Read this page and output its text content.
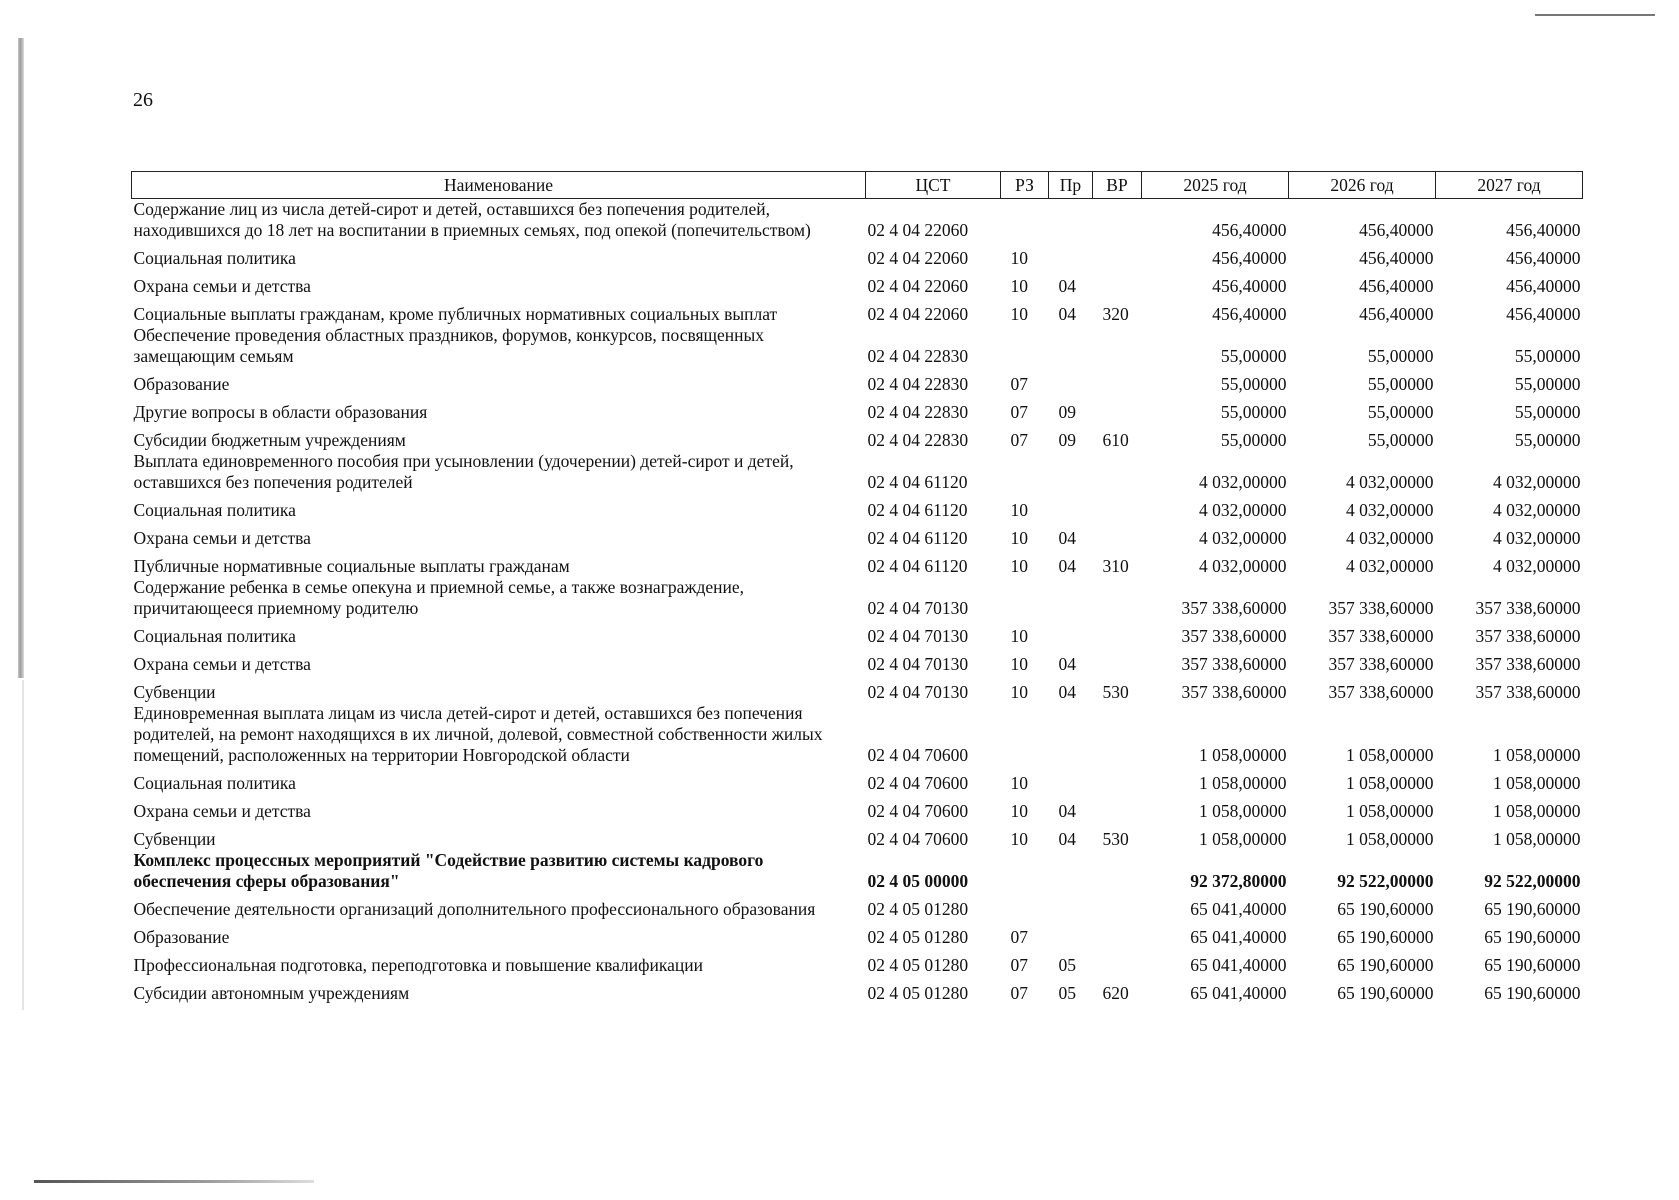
26
Наименование	ЦСТ	РЗ	Пр	ВР	2025 год	2026 год	2027 год
Содержание лиц из числа детей-сирот и детей, оставшихся без попечения родителей, находившихся до 18 лет на воспитании в приемных семьях, под опекой (попечительством)	02 4 04 22060				456,40000	456,40000	456,40000
Социальная политика	02 4 04 22060	10			456,40000	456,40000	456,40000
Охрана семьи и детства	02 4 04 22060	10	04		456,40000	456,40000	456,40000
Социальные выплаты гражданам, кроме публичных нормативных социальных выплат	02 4 04 22060	10	04	320	456,40000	456,40000	456,40000
Обеспечение проведения областных праздников, форумов, конкурсов, посвященных замещающим семьям	02 4 04 22830				55,00000	55,00000	55,00000
Образование	02 4 04 22830	07			55,00000	55,00000	55,00000
Другие вопросы в области образования	02 4 04 22830	07	09		55,00000	55,00000	55,00000
Субсидии бюджетным учреждениям	02 4 04 22830	07	09	610	55,00000	55,00000	55,00000
Выплата единовременного пособия при усыновлении (удочерении) детей-сирот и детей, оставшихся без попечения родителей	02 4 04 61120				4 032,00000	4 032,00000	4 032,00000
Социальная политика	02 4 04 61120	10			4 032,00000	4 032,00000	4 032,00000
Охрана семьи и детства	02 4 04 61120	10	04		4 032,00000	4 032,00000	4 032,00000
Публичные нормативные социальные выплаты гражданам	02 4 04 61120	10	04	310	4 032,00000	4 032,00000	4 032,00000
Содержание ребенка в семье опекуна и приемной семье, а также вознаграждение, причитающееся приемному родителю	02 4 04 70130				357 338,60000	357 338,60000	357 338,60000
Социальная политика	02 4 04 70130	10			357 338,60000	357 338,60000	357 338,60000
Охрана семьи и детства	02 4 04 70130	10	04		357 338,60000	357 338,60000	357 338,60000
Субвенции	02 4 04 70130	10	04	530	357 338,60000	357 338,60000	357 338,60000
Единовременная выплата лицам из числа детей-сирот и детей, оставшихся без попечения родителей, на ремонт находящихся в их личной, долевой, совместной собственности жилых помещений, расположенных на территории Новгородской области	02 4 04 70600				1 058,00000	1 058,00000	1 058,00000
Социальная политика	02 4 04 70600	10			1 058,00000	1 058,00000	1 058,00000
Охрана семьи и детства	02 4 04 70600	10	04		1 058,00000	1 058,00000	1 058,00000
Субвенции	02 4 04 70600	10	04	530	1 058,00000	1 058,00000	1 058,00000
Комплекс процессных мероприятий "Содействие развитию системы кадрового обеспечения сферы образования"	02 4 05 00000				92 372,80000	92 522,00000	92 522,00000
Обеспечение деятельности организаций дополнительного профессионального образования	02 4 05 01280				65 041,40000	65 190,60000	65 190,60000
Образование	02 4 05 01280	07			65 041,40000	65 190,60000	65 190,60000
Профессиональная подготовка, переподготовка и повышение квалификации	02 4 05 01280	07	05		65 041,40000	65 190,60000	65 190,60000
Субсидии автономным учреждениям	02 4 05 01280	07	05	620	65 041,40000	65 190,60000	65 190,60000
